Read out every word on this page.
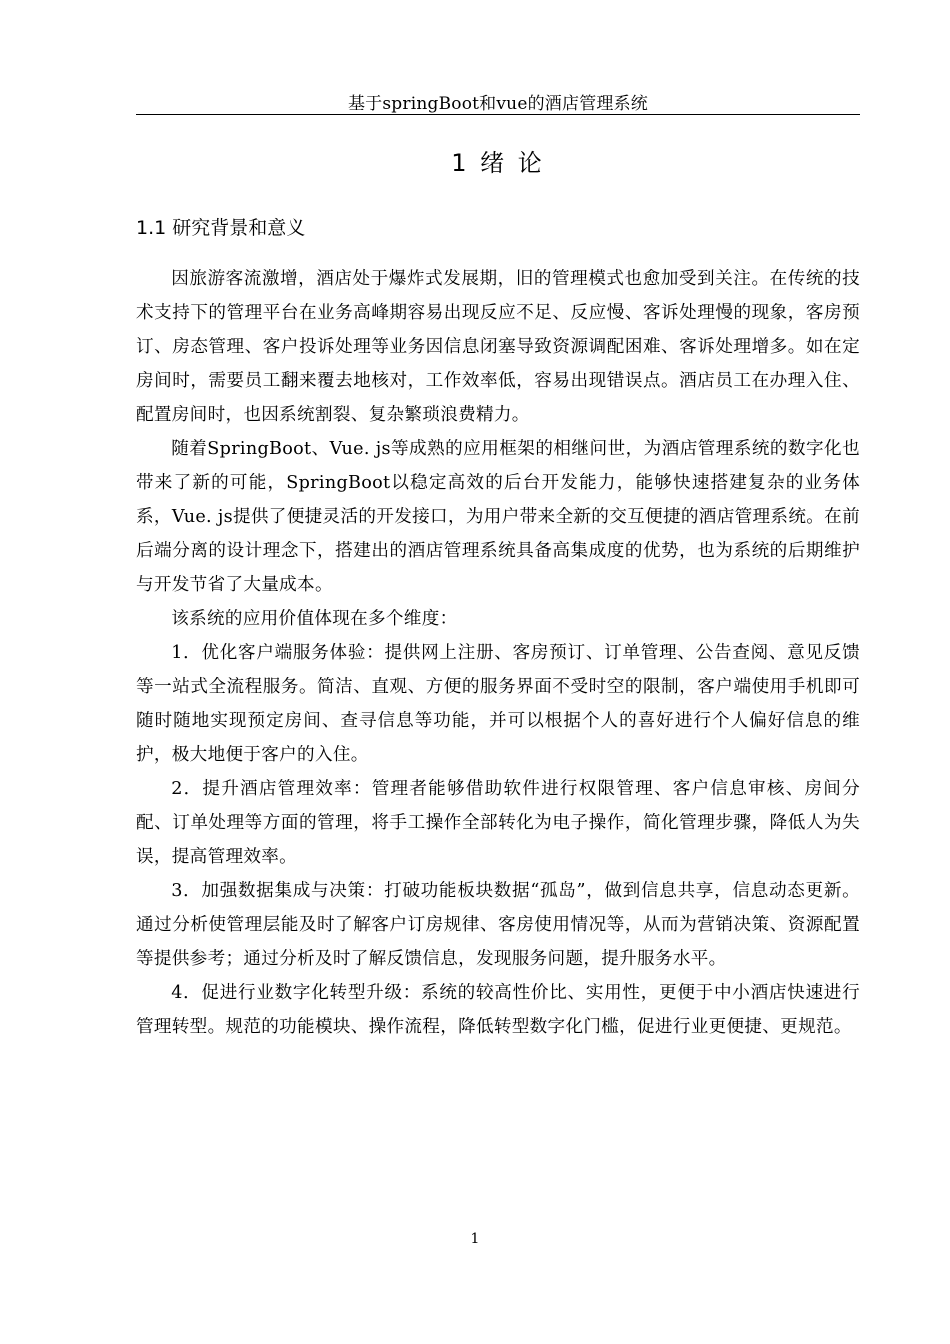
基于springBoot和vue的酒店管理系统
1 绪 论
1.1 研究背景和意义

因旅游客流激增，酒店处于爆炸式发展期，旧的管理模式也愈加受到关注。在传统的技术支持下的管理平台在业务高峰期容易出现反应不足、反应慢、客诉处理慢的现象，客房预订、房态管理、客户投诉处理等业务因信息闭塞导致资源调配困难、客诉处理增多。如在定房间时，需要员工翻来覆去地核对，工作效率低，容易出现错误点。酒店员工在办理入住、配置房间时，也因系统割裂、复杂繁琐浪费精力。

随着SpringBoot、Vue. js等成熟的应用框架的相继问世，为酒店管理系统的数字化也带来了新的可能，SpringBoot以稳定高效的后台开发能力，能够快速搭建复杂的业务体系，Vue. js提供了便捷灵活的开发接口，为用户带来全新的交互便捷的酒店管理系统。在前后端分离的设计理念下，搭建出的酒店管理系统具备高集成度的优势，也为系统的后期维护与开发节省了大量成本。

该系统的应用价值体现在多个维度：

1．优化客户端服务体验：提供网上注册、客房预订、订单管理、公告查阅、意见反馈等一站式全流程服务。简洁、直观、方便的服务界面不受时空的限制，客户端使用手机即可随时随地实现预定房间、查寻信息等功能，并可以根据个人的喜好进行个人偏好信息的维护，极大地便于客户的入住。

2．提升酒店管理效率：管理者能够借助软件进行权限管理、客户信息审核、房间分配、订单处理等方面的管理，将手工操作全部转化为电子操作，简化管理步骤，降低人为失误，提高管理效率。

3．加强数据集成与决策：打破功能板块数据“孤岛”，做到信息共享，信息动态更新。通过分析使管理层能及时了解客户订房规律、客房使用情况等，从而为营销决策、资源配置等提供参考；通过分析及时了解反馈信息，发现服务问题，提升服务水平。

4．促进行业数字化转型升级：系统的较高性价比、实用性，更便于中小酒店快速进行管理转型。规范的功能模块、操作流程，降低转型数字化门槛，促进行业更便捷、更规范。

1
